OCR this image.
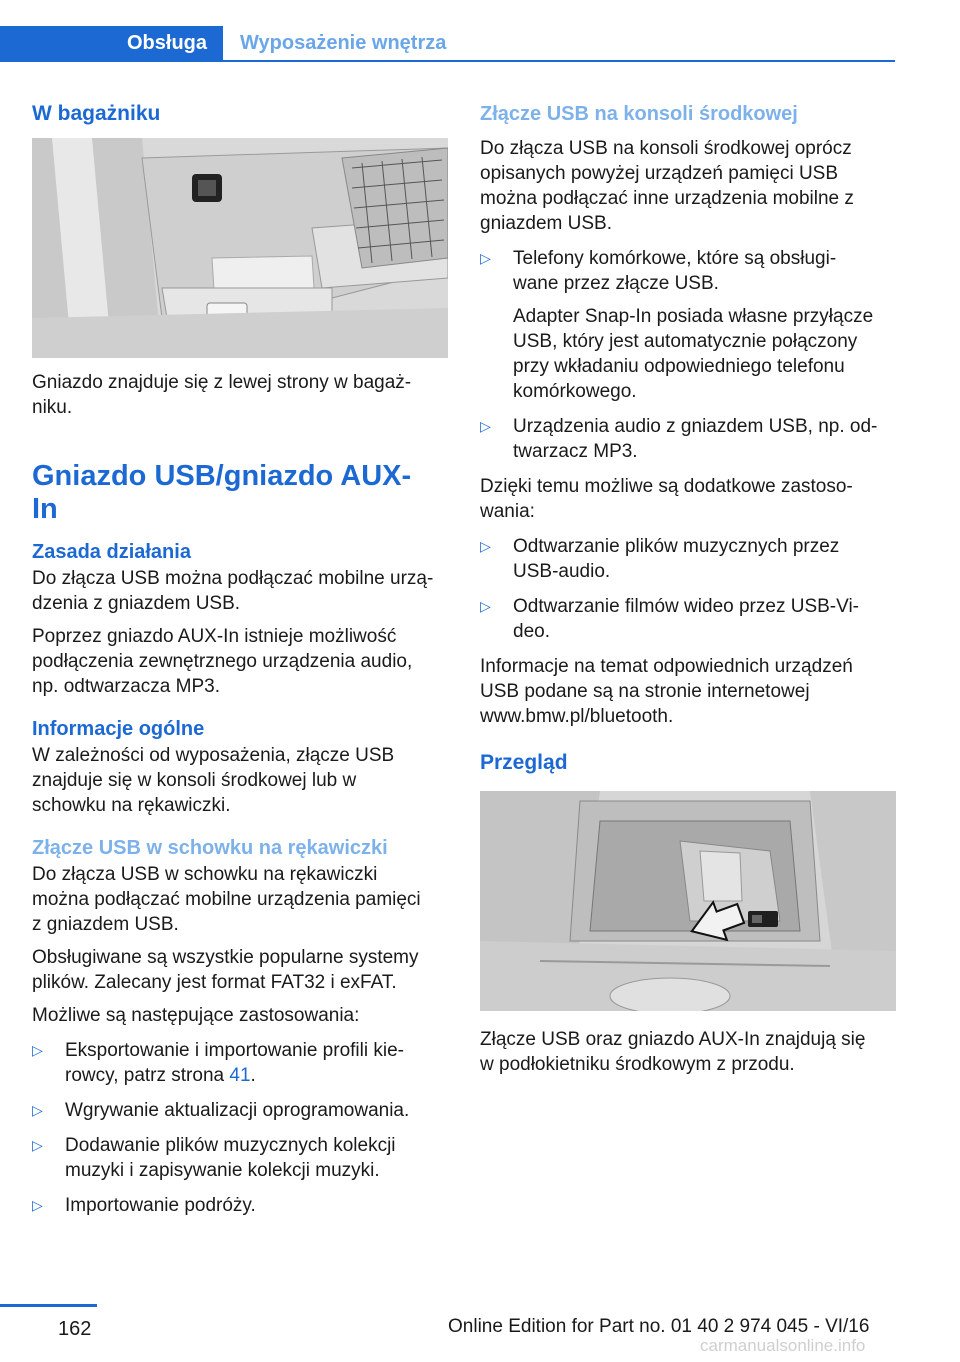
Obsługa	Wyposażenie wnętrza
W bagażniku
Gniazdo znajduje się z lewej strony w bagaż-
niku.
Gniazdo USB/gniazdo AUX-
In
Zasada działania
Do złącza USB można podłączać mobilne urzą-
dzenia z gniazdem USB.
Poprzez gniazdo AUX-In istnieje możliwość
podłączenia zewnętrznego urządzenia audio,
np. odtwarzacza MP3.
Informacje ogólne
W zależności od wyposażenia, złącze USB
znajduje się w konsoli środkowej lub w
schowku na rękawiczki.
Złącze USB w schowku na rękawiczki
Do złącza USB w schowku na rękawiczki
można podłączać mobilne urządzenia pamięci
z gniazdem USB.
Obsługiwane są wszystkie popularne systemy
plików. Zalecany jest format FAT32 i exFAT.
Możliwe są następujące zastosowania:
▷ Eksportowanie i importowanie profili kie-
rowcy, patrz strona 41.
▷ Wgrywanie aktualizacji oprogramowania.
▷ Dodawanie plików muzycznych kolekcji
muzyki i zapisywanie kolekcji muzyki.
▷ Importowanie podróży.
Złącze USB na konsoli środkowej
Do złącza USB na konsoli środkowej oprócz
opisanych powyżej urządzeń pamięci USB
można podłączać inne urządzenia mobilne z
gniazdem USB.
▷ Telefony komórkowe, które są obsługi-
wane przez złącze USB.
Adapter Snap-In posiada własne przyłącze
USB, który jest automatycznie połączony
przy wkładaniu odpowiedniego telefonu
komórkowego.
▷ Urządzenia audio z gniazdem USB, np. od-
twarzacz MP3.
Dzięki temu możliwe są dodatkowe zastoso-
wania:
▷ Odtwarzanie plików muzycznych przez
USB-audio.
▷ Odtwarzanie filmów wideo przez USB-Vi-
deo.
Informacje na temat odpowiednich urządzeń
USB podane są na stronie internetowej
www.bmw.pl/bluetooth.
Przegląd
Złącze USB oraz gniazdo AUX-In znajdują się
w podłokietniku środkowym z przodu.
162	Online Edition for Part no. 01 40 2 974 045 - VI/16
carmanualsonline.info
